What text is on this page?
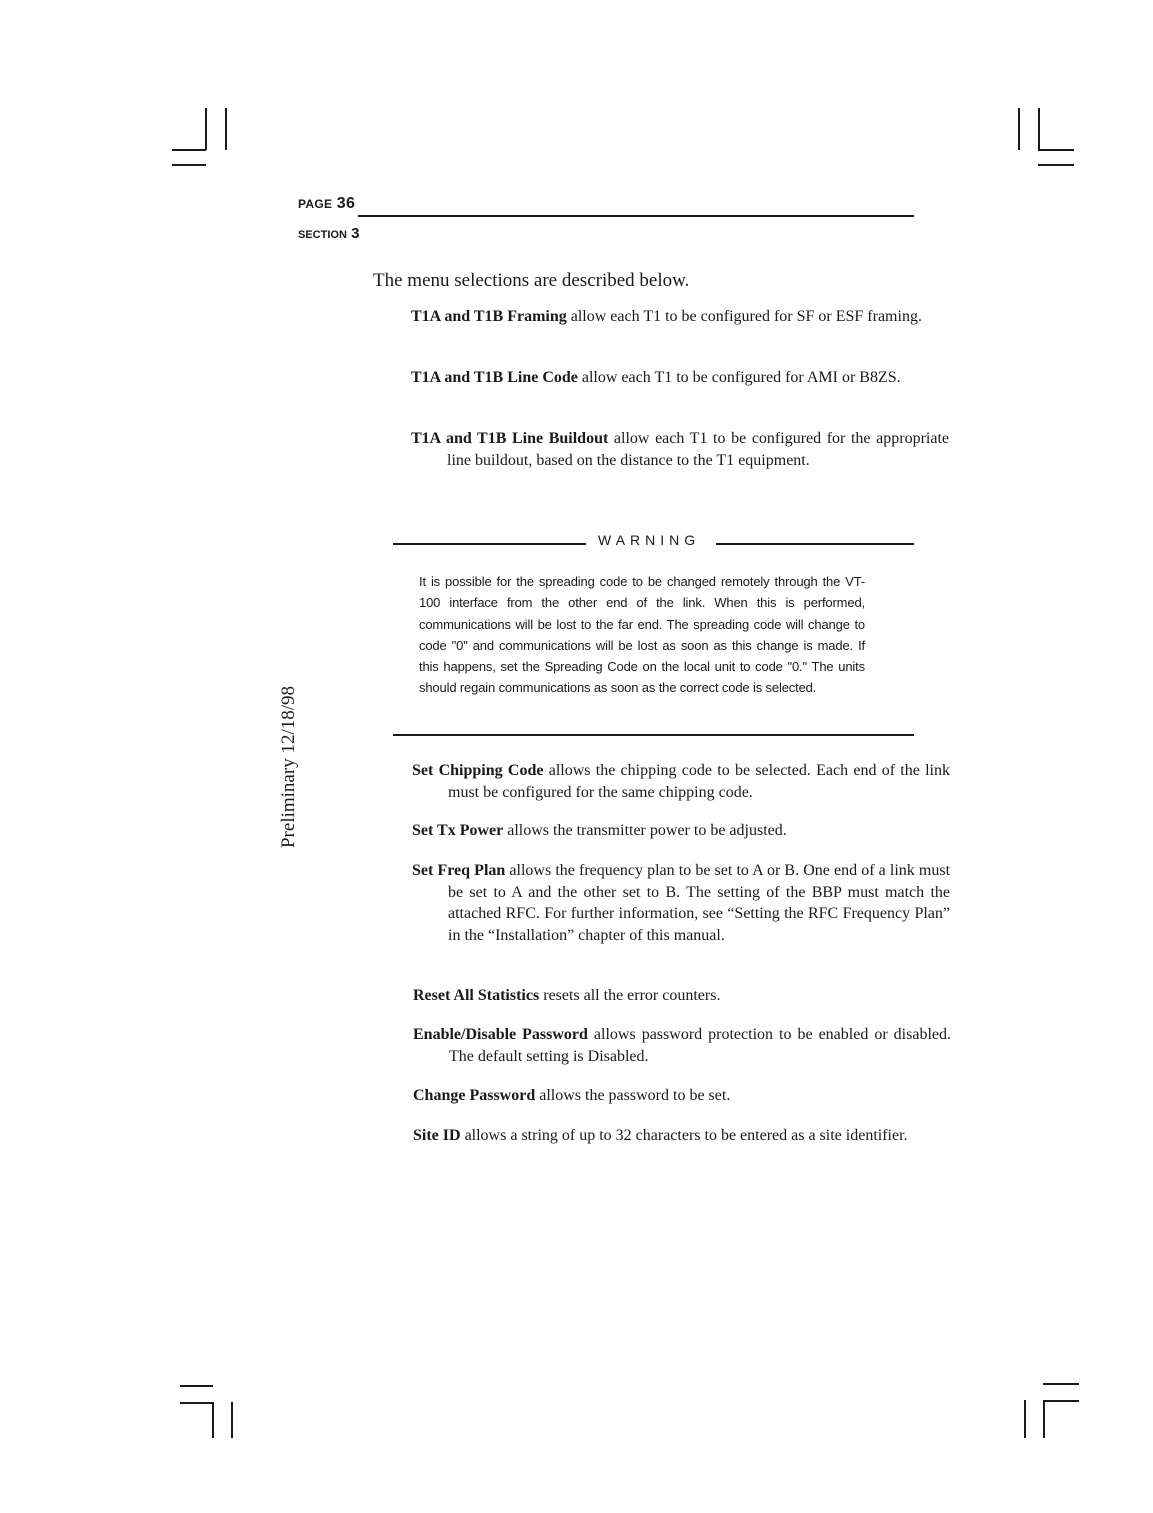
PAGE 36
SECTION 3
Preliminary 12/18/98
The menu selections are described below.
T1A and T1B Framing allow each T1 to be configured for SF or ESF framing.
T1A and T1B Line Code allow each T1 to be configured for AMI or B8ZS.
T1A and T1B Line Buildout allow each T1 to be configured for the appropriate line buildout, based on the distance to the T1 equipment.
WARNING
It is possible for the spreading code to be changed remotely through the VT-100 interface from the other end of the link. When this is performed, communications will be lost to the far end. The spreading code will change to code "0" and communications will be lost as soon as this change is made. If this happens, set the Spreading Code on the local unit to code "0." The units should regain communications as soon as the correct code is selected.
Set Chipping Code allows the chipping code to be selected. Each end of the link must be configured for the same chipping code.
Set Tx Power allows the transmitter power to be adjusted.
Set Freq Plan allows the frequency plan to be set to A or B. One end of a link must be set to A and the other set to B. The setting of the BBP must match the attached RFC. For further information, see “Setting the RFC Frequency Plan” in the “Installation” chapter of this manual.
Reset All Statistics resets all the error counters.
Enable/Disable Password allows password protection to be enabled or disabled. The default setting is Disabled.
Change Password allows the password to be set.
Site ID allows a string of up to 32 characters to be entered as a site identifier.
